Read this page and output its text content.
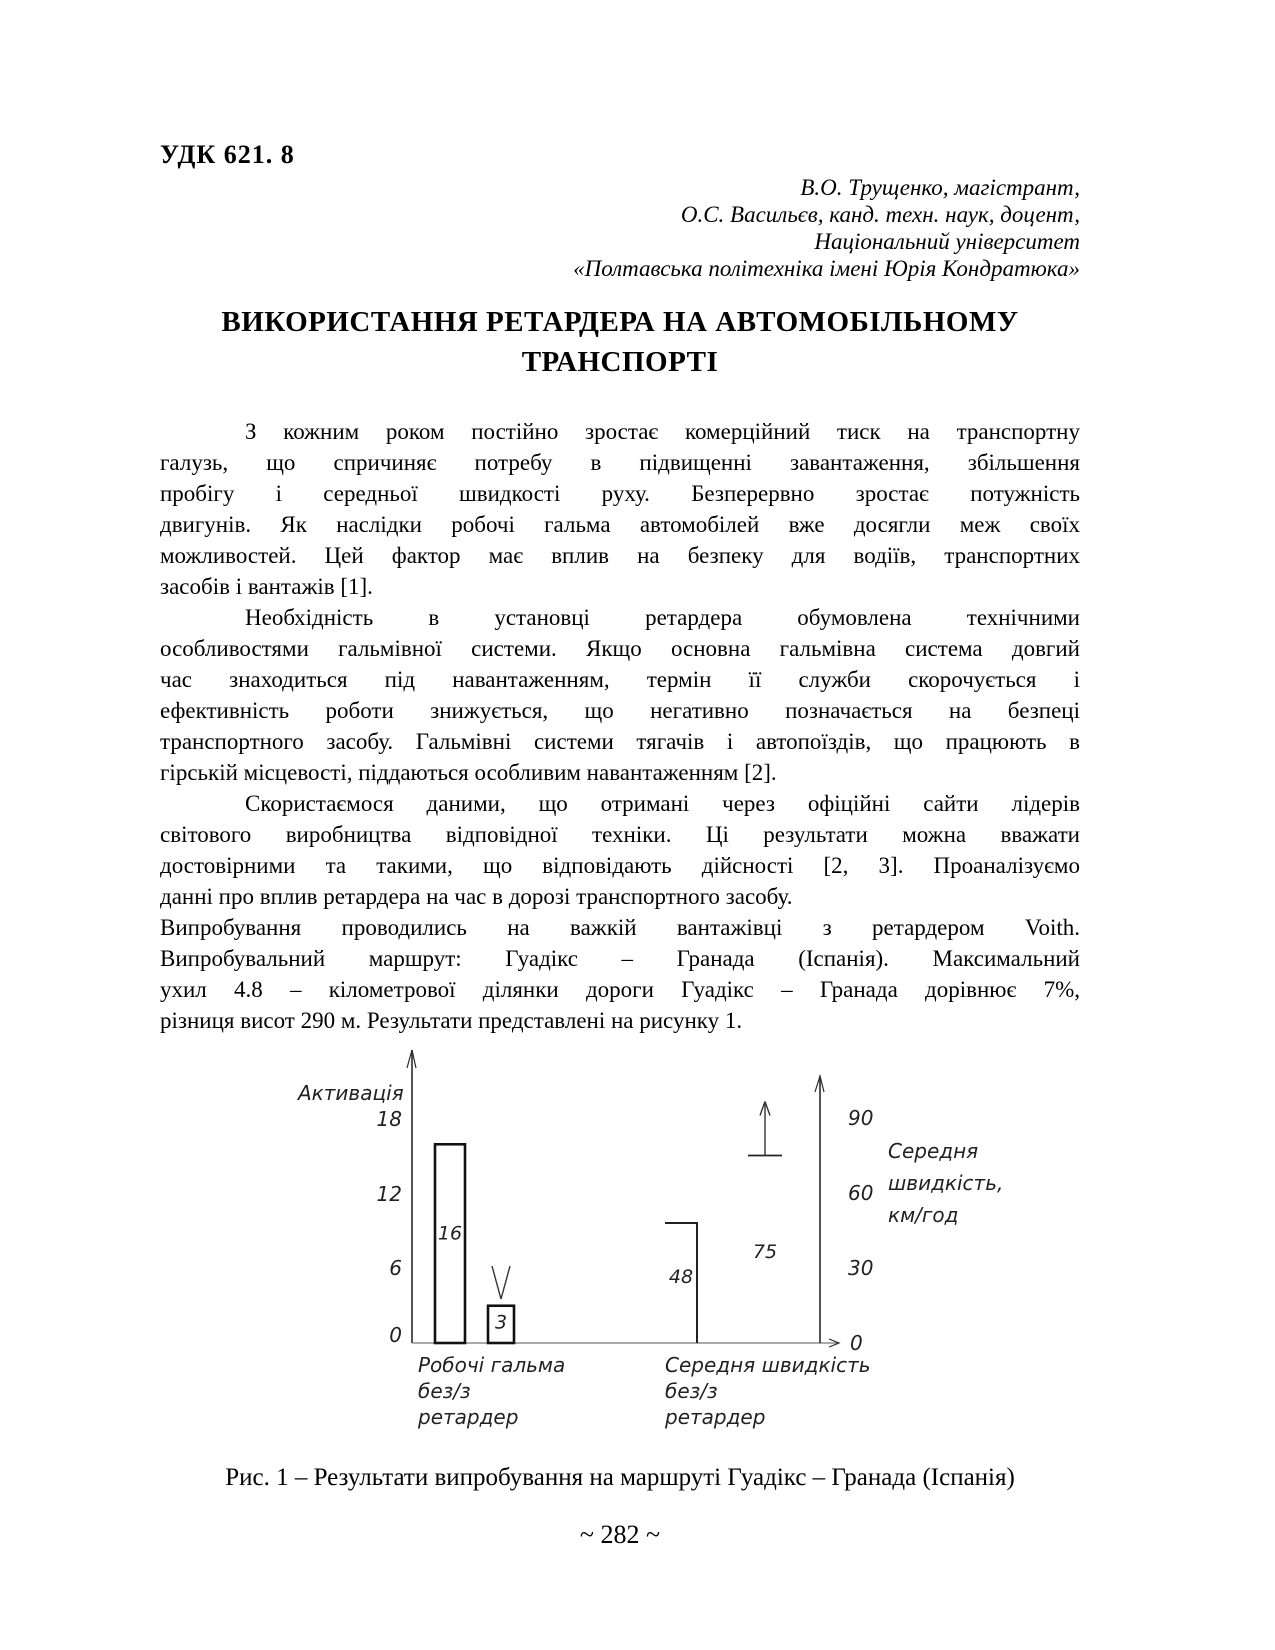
УДК 621. 8
В.О. Трущенко, магістрант,
О.С. Васильєв, канд. техн. наук, доцент,
Національний університет
«Полтавська політехніка імені Юрія Кондратюка»
ВИКОРИСТАННЯ РЕТАРДЕРА НА АВТОМОБІЛЬНОМУ
ТРАНСПОРТІ
З кожним роком постійно зростає комерційний тиск на транспортну
галузь, що спричиняє потребу в підвищенні завантаження, збільшення
пробігу і середньої швидкості руху. Безперервно зростає потужність
двигунів. Як наслідки робочі гальма автомобілей вже досягли меж своїх
можливостей. Цей фактор має вплив на безпеку для водіїв, транспортних
засобів і вантажів [1].
Необхідність в установці ретардера обумовлена технічними
особливостями гальмівної системи. Якщо основна гальмівна система довгий
час знаходиться під навантаженням, термін її служби скорочується і
ефективність роботи знижується, що негативно позначається на безпеці
транспортного засобу. Гальмівні системи тягачів і автопоїздів, що працюють в
гірській місцевості, піддаються особливим навантаженням [2].
Скористаємося даними, що отримані через офіційні сайти лідерів
світового виробництва відповідної техніки. Ці результати можна вважати
достовірними та такими, що відповідають дійсності [2, 3]. Проаналізуємо
данні про вплив ретардера на час в дорозі транспортного засобу.
Випробування проводились на важкій вантажівці з ретардером Voith.
Випробувальний маршрут: Гуадікс – Гранада (Іспанія). Максимальний
ухил 4.8 – кілометрової ділянки дороги Гуадікс – Гранада дорівнює 7%,
різниця висот 290 м. Результати представлені на рисунку 1.
Активація
18
12
6
0
90
60
30
0
Середня
швидкість,
км/год
16
3
48
75
Робочі гальма
без/з
ретардер
Середня швидкість
без/з
ретардер
Рис. 1 – Результати випробування на маршруті Гуадікс – Гранада (Іспанія)
~ 282 ~
